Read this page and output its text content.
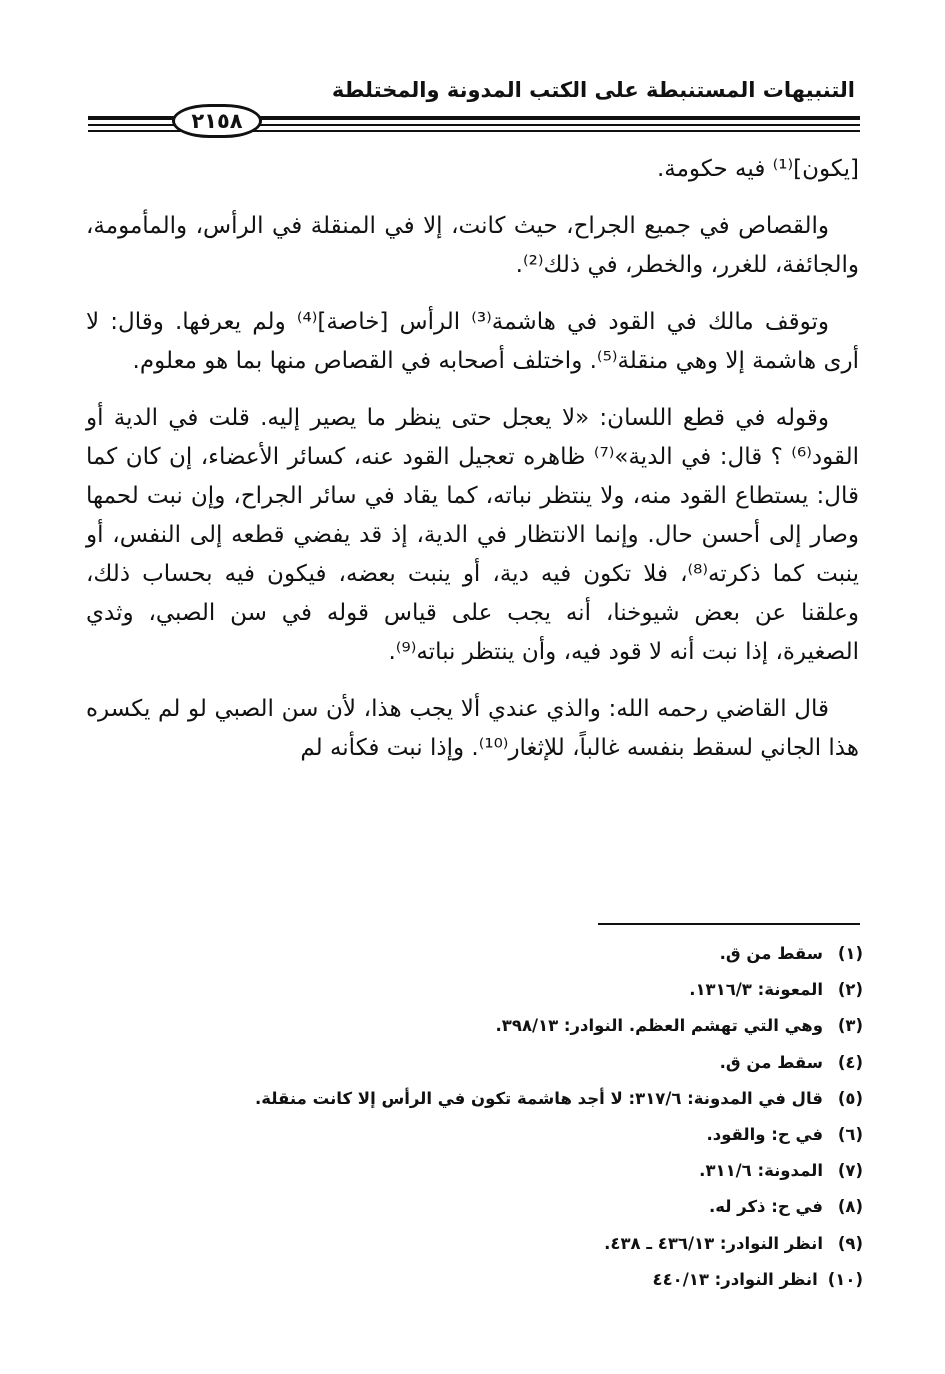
التنبيهات المستنبطة على الكتب المدونة والمختلطة
٢١٥٨

[يكون]⁽¹⁾ فيه حكومة.

والقصاص في جميع الجراح، حيث كانت، إلا في المنقلة في الرأس، والمأمومة، والجائفة، للغرر، والخطر، في ذلك⁽²⁾.

وتوقف مالك في القود في هاشمة⁽³⁾ الرأس [خاصة]⁽⁴⁾ ولم يعرفها. وقال: لا أرى هاشمة إلا وهي منقلة⁽⁵⁾. واختلف أصحابه في القصاص منها بما هو معلوم.

وقوله في قطع اللسان: «لا يعجل حتى ينظر ما يصير إليه. قلت في الدية أو القود⁽⁶⁾ ؟ قال: في الدية»⁽⁷⁾ ظاهره تعجيل القود عنه، كسائر الأعضاء، إن كان كما قال: يستطاع القود منه، ولا ينتظر نباته، كما يقاد في سائر الجراح، وإن نبت لحمها وصار إلى أحسن حال. وإنما الانتظار في الدية، إذ قد يفضي قطعه إلى النفس، أو ينبت كما ذكرته⁽⁸⁾، فلا تكون فيه دية، أو ينبت بعضه، فيكون فيه بحساب ذلك، وعلقنا عن بعض شيوخنا، أنه يجب على قياس قوله في سن الصبي، وثدي الصغيرة، إذا نبت أنه لا قود فيه، وأن ينتظر نباته⁽⁹⁾.

قال القاضي رحمه الله: والذي عندي ألا يجب هذا، لأن سن الصبي لو لم يكسره هذا الجاني لسقط بنفسه غالباً، للإثغار⁽¹⁰⁾. وإذا نبت فكأنه لم

(١)سقط من ق.
(٢)المعونة: ١٣١٦/٣.
(٣)وهي التي تهشم العظم. النوادر: ٣٩٨/١٣.
(٤)سقط من ق.
(٥)قال في المدونة: ٣١٧/٦: لا أجد هاشمة تكون في الرأس إلا كانت منقلة.
(٦)في ح: والقود.
(٧)المدونة: ٣١١/٦.
(٨)في ح: ذكر له.
(٩)انظر النوادر: ٤٣٦/١٣ ـ ٤٣٨.
(١٠)انظر النوادر: ٤٤٠/١٣
